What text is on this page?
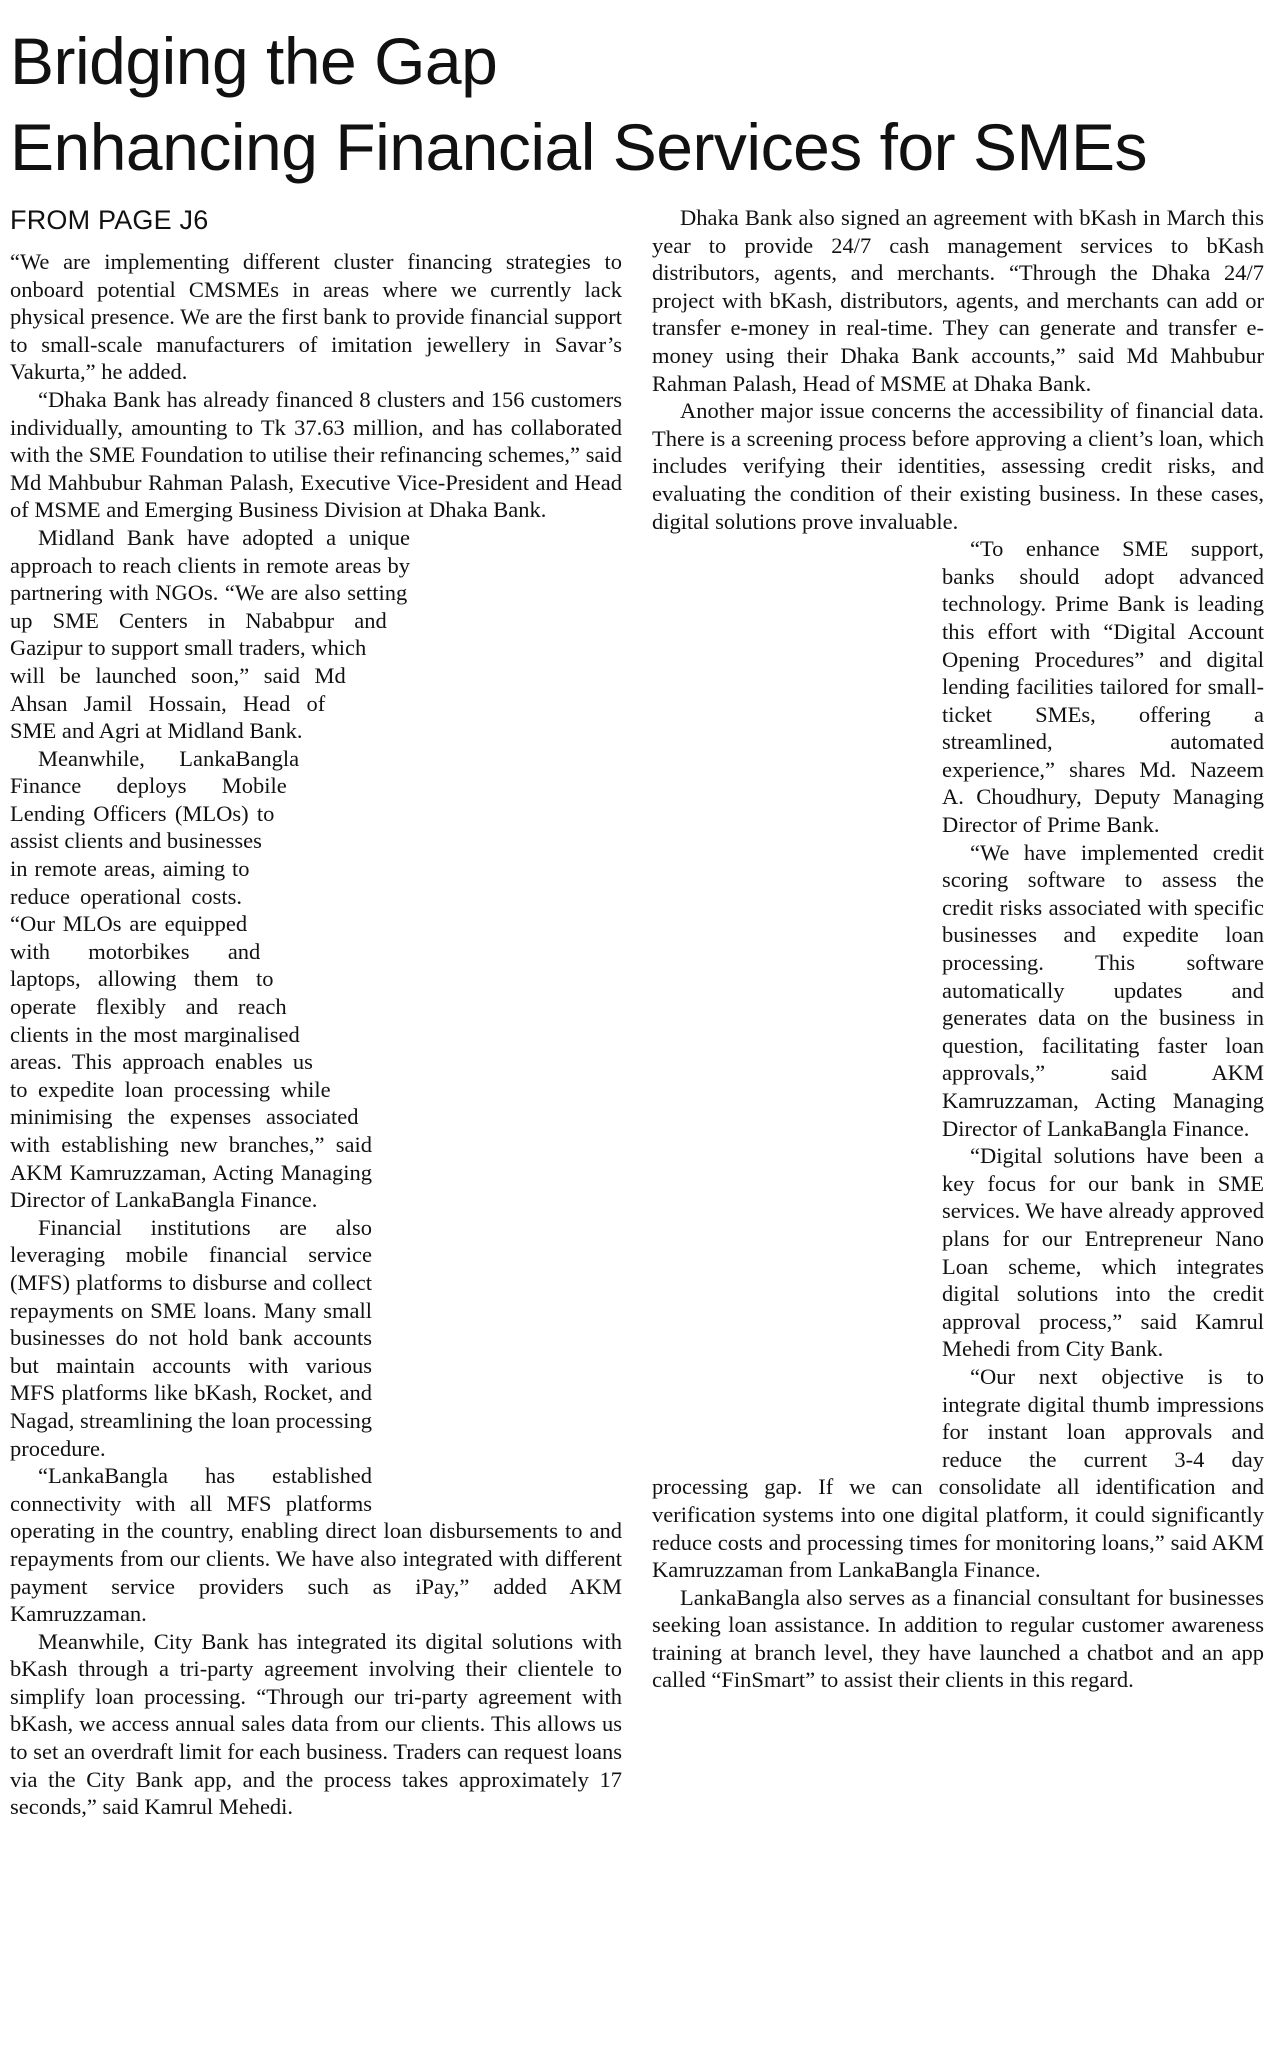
Bridging the Gap
Enhancing Financial Services for SMEs
FROM PAGE J6

“We are implementing different cluster financing strategies to onboard potential CMSMEs in areas where we currently lack physical presence. We are the first bank to provide financial support to small-scale manufacturers of imitation jewellery in Savar’s Vakurta,” he added.

“Dhaka Bank has already financed 8 clusters and 156 customers individually, amounting to Tk 37.63 million, and has collaborated with the SME Foundation to utilise their refinancing schemes,” said Md Mahbubur Rahman Palash, Executive Vice-President and Head of MSME and Emerging Business Division at Dhaka Bank.

Midland Bank have adopted a unique approach to reach clients in remote areas by partnering with NGOs. “We are also setting up SME Centers in Nababpur and Gazipur to support small traders, which will be launched soon,” said Md Ahsan Jamil Hossain, Head of SME and Agri at Midland Bank.

Meanwhile, LankaBangla Finance deploys Mobile Lending Officers (MLOs) to assist clients and businesses in remote areas, aiming to reduce operational costs. “Our MLOs are equipped with motorbikes and laptops, allowing them to operate flexibly and reach clients in the most marginalised areas. This approach enables us to expedite loan processing while minimising the expenses associated with establishing new branches,” said AKM Kamruzzaman, Acting Managing Director of LankaBangla Finance.

Financial institutions are also leveraging mobile financial service (MFS) platforms to disburse and collect repayments on SME loans. Many small businesses do not hold bank accounts but maintain accounts with various MFS platforms like bKash, Rocket, and Nagad, streamlining the loan processing procedure.

“LankaBangla has established connectivity with all MFS platforms operating in the country, enabling direct loan disbursements to and repayments from our clients. We have also integrated with different payment service providers such as iPay,” added AKM Kamruzzaman.

Meanwhile, City Bank has integrated its digital solutions with bKash through a tri-party agreement involving their clientele to simplify loan processing. “Through our tri-party agreement with bKash, we access annual sales data from our clients. This allows us to set an overdraft limit for each business. Traders can request loans via the City Bank app, and the process takes approximately 17 seconds,” said Kamrul Mehedi.

Dhaka Bank also signed an agreement with bKash in March this year to provide 24/7 cash management services to bKash distributors, agents, and merchants. “Through the Dhaka 24/7 project with bKash, distributors, agents, and merchants can add or transfer e-money in real-time. They can generate and transfer e-money using their Dhaka Bank accounts,” said Md Mahbubur Rahman Palash, Head of MSME at Dhaka Bank.

Another major issue concerns the accessibility of financial data. There is a screening process before approving a client’s loan, which includes verifying their identities, assessing credit risks, and evaluating the condition of their existing business. In these cases, digital solutions prove invaluable.

“To enhance SME support, banks should adopt advanced technology. Prime Bank is leading this effort with “Digital Account Opening Procedures” and digital lending facilities tailored for small-ticket SMEs, offering a streamlined, automated experience,” shares Md. Nazeem A. Choudhury, Deputy Managing Director of Prime Bank.

“We have implemented credit scoring software to assess the credit risks associated with specific businesses and expedite loan processing. This software automatically updates and generates data on the business in question, facilitating faster loan approvals,” said AKM Kamruzzaman, Acting Managing Director of LankaBangla Finance.

“Digital solutions have been a key focus for our bank in SME services. We have already approved plans for our Entrepreneur Nano Loan scheme, which integrates digital solutions into the credit approval process,” said Kamrul Mehedi from City Bank.

“Our next objective is to integrate digital thumb impressions for instant loan approvals and reduce the current 3-4 day processing gap. If we can consolidate all identification and verification systems into one digital platform, it could significantly reduce costs and processing times for monitoring loans,” said AKM Kamruzzaman from LankaBangla Finance.

LankaBangla also serves as a financial consultant for businesses seeking loan assistance. In addition to regular customer awareness training at branch level, they have launched a chatbot and an app called “FinSmart” to assist their clients in this regard.
